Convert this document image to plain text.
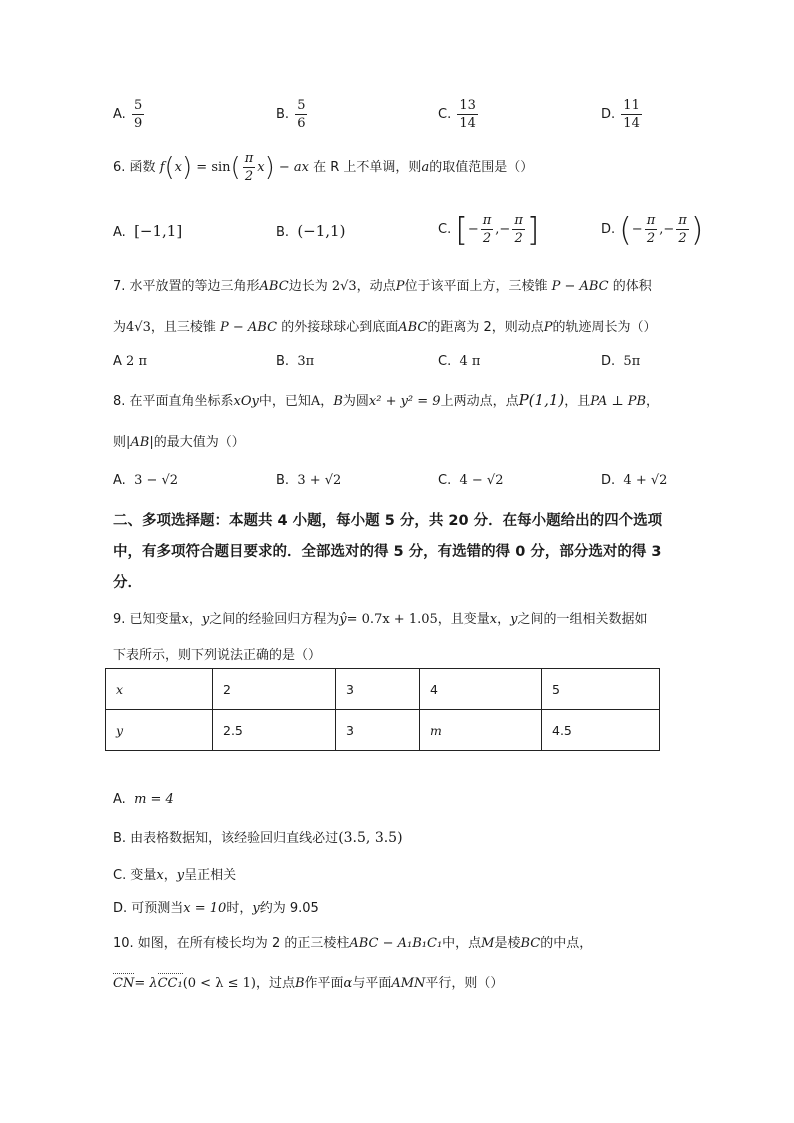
A. $\frac{5}{9}$	B. $\frac{5}{6}$	C. $\frac{13}{14}$	D. $\frac{11}{14}$
6. 函数 $f(x) = \sin( \frac{\pi}{2} x)$ − ax 在 R 上不单调，则a的取值范围是（）
A. [−1,1]	B. (−1,1)	C. [− $\frac{\pi}{2}$ ,− $\frac{\pi}{2}$ ]	D. (− $\frac{\pi}{2}$ ,− $\frac{\pi}{2}$ )
7. 水平放置的等边三角形ABC边长为 2√3，动点P位于该平面上方，三棱锥 P − ABC 的体积
为4√3，且三棱锥 P − ABC 的外接球球心到底面ABC的距离为 2，则动点P的轨迹周长为（）
A 2 π	B. 3π	C. 4 π	D. 5π
8. 在平面直角坐标系xOy中，已知A，B为圆x² + y² = 9上两动点，点P(1,1)，且PA ⊥ PB，
则|AB|的最大值为（）
A. 3 − √2	B. 3 + √2	C. 4 − √2	D. 4 + √2
二、多项选择题：本题共 4 小题，每小题 5 分，共 20 分．在每小题给出的四个选项
中，有多项符合题目要求的．全部选对的得 5 分，有选错的得 0 分，部分选对的得 3
分．
9. 已知变量x，y之间的经验回归方程为ŷ= 0.7x + 1.05，且变量x，y之间的一组相关数据如
下表所示，则下列说法正确的是（）
x	2	3	4	5
y	2.5	3	m	4.5
A. m = 4
B. 由表格数据知，该经验回归直线必过(3.5, 3.5)
C. 变量x，y呈正相关
D. 可预测当x = 10时，y约为 9.05
10. 如图，在所有棱长均为 2 的正三棱柱ABC − A₁B₁C₁中，点M是棱BC的中点，
CN= λCC₁(0 < λ ≤ 1)，过点B作平面α与平面AMN平行，则（）
